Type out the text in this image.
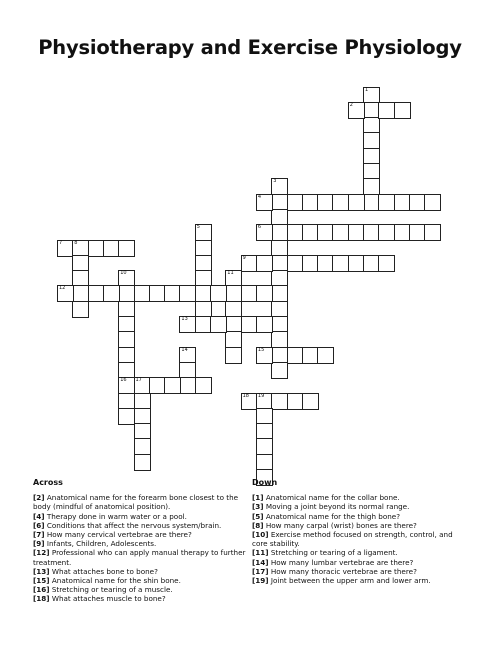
Physiotherapy and Exercise Physiology
1
2
3
4
5	6
7 8
9
10
16
11
12
13
14	15
17
18 19
Across
[2] Anatomical name for the forearm bone closest to the body (mindful of anatomical position).
[4] Therapy done in warm water or a pool.
[6] Conditions that affect the nervous system/brain.
[7] How many cervical vertebrae are there?
[9] Infants, Children, Adolescents.
[12] Professional who can apply manual therapy to further treatment.
[13] What attaches bone to bone?
[15] Anatomical name for the shin bone.
[16] Stretching or tearing of a muscle.
[18] What attaches muscle to bone?
Down
[1] Anatomical name for the collar bone.
[3] Moving a joint beyond its normal range.
[5] Anatomical name for the thigh bone?
[8] How many carpal (wrist) bones are there?
[10] Exercise method focused on strength, control, and core stability.
[11] Stretching or tearing of a ligament.
[14] How many lumbar vertebrae are there?
[17] How many thoracic vertebrae are there?
[19] Joint between the upper arm and lower arm.
